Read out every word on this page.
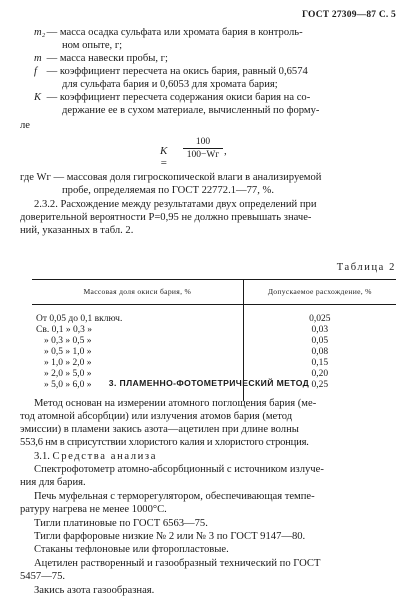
ГОСТ 27309—87 С. 5
m₂ — масса осадка сульфата или хромата бария в контроль-
ном опыте, г;
m — масса навески пробы, г;
f — коэффициент пересчета на окись бария, равный 0,6574
для сульфата бария и 0,6053 для хромата бария;
K — коэффициент пересчета содержания окиси бария на со-
держание ее в сухом материале, вычисленный по форму-
ле
K =
100
100−Wг ,
где Wг — массовая доля гигроскопической влаги в анализируемой
пробе, определяемая по ГОСТ 22772.1—77, %.
2.3.2. Расхождение между результатами двух определений при
доверительной вероятности P=0,95 не должно превышать значе-
ний, указанных в табл. 2.
Таблица 2
Массовая доля окиси бария, %	Допускаемое расхождение, %
От 0,05 до 0,1 включ.	0,025
Св. 0,1 » 0,3 »	0,03
» 0,3 » 0,5 »	0,05
» 0,5 » 1,0 »	0,08
» 1,0 » 2,0 »	0,15
» 2,0 » 5,0 »	0,20
» 5,0 » 6,0 »	0,25
3. ПЛАМЕННО-ФОТОМЕТРИЧЕСКИЙ МЕТОД
Метод основан на измерении атомного поглощения бария (ме-
тод атомной абсорбции) или излучения атомов бария (метод
эмиссии) в пламени закись азота—ацетилен при длине волны
553,6 нм в сприсутствии хлористого калия и хлористого стронция.
3.1. Средства анализа
Спектрофотометр атомно-абсорбционный с источником излуче-
ния для бария.
Печь муфельная с терморегулятором, обеспечивающая темпе-
ратуру нагрева не менее 1000°С.
Тигли платиновые по ГОСТ 6563—75.
Тигли фарфоровые низкие № 2 или № 3 по ГОСТ 9147—80.
Стаканы тефлоновые или фторопластовые.
Ацетилен растворенный и газообразный технический по ГОСТ
5457—75.
Закись азота газообразная.
